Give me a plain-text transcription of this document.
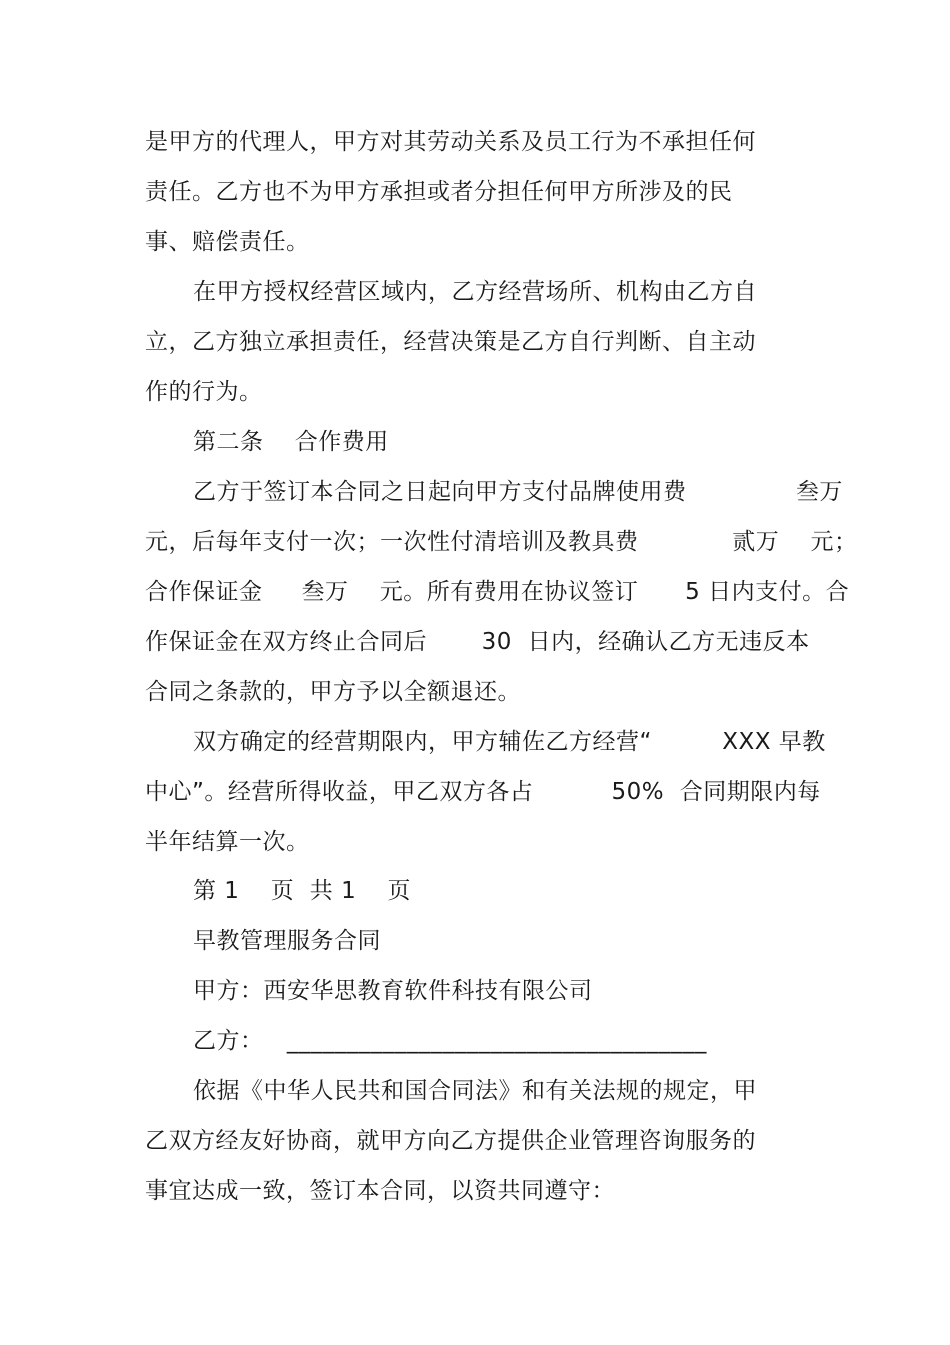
是甲方的代理人，甲方对其劳动关系及员工行为不承担任何
责任。乙方也不为甲方承担或者分担任何甲方所涉及的民
事、赔偿责任。
在甲方授权经营区域内，乙方经营场所、机构由乙方自
立，乙方独立承担责任，经营决策是乙方自行判断、自主动
作的行为。
第二条    合作费用
乙方于签订本合同之日起向甲方支付品牌使用费              叁万
元，后每年支付一次；一次性付清培训及教具费            贰万    元；
合作保证金     叁万    元。所有费用在协议签订      5 日内支付。合
作保证金在双方终止合同后       30  日内，经确认乙方无违反本
合同之条款的，甲方予以全额退还。
双方确定的经营期限内，甲方辅佐乙方经营“         XXX 早教
中心”。经营所得收益，甲乙双方各占          50%  合同期限内每
半年结算一次。
第 1    页  共 1    页
早教管理服务合同
甲方：西安华思教育软件科技有限公司
乙方：   ___________________________________
依据《中华人民共和国合同法》和有关法规的规定，甲
乙双方经友好协商，就甲方向乙方提供企业管理咨询服务的
事宜达成一致，签订本合同，以资共同遵守：
